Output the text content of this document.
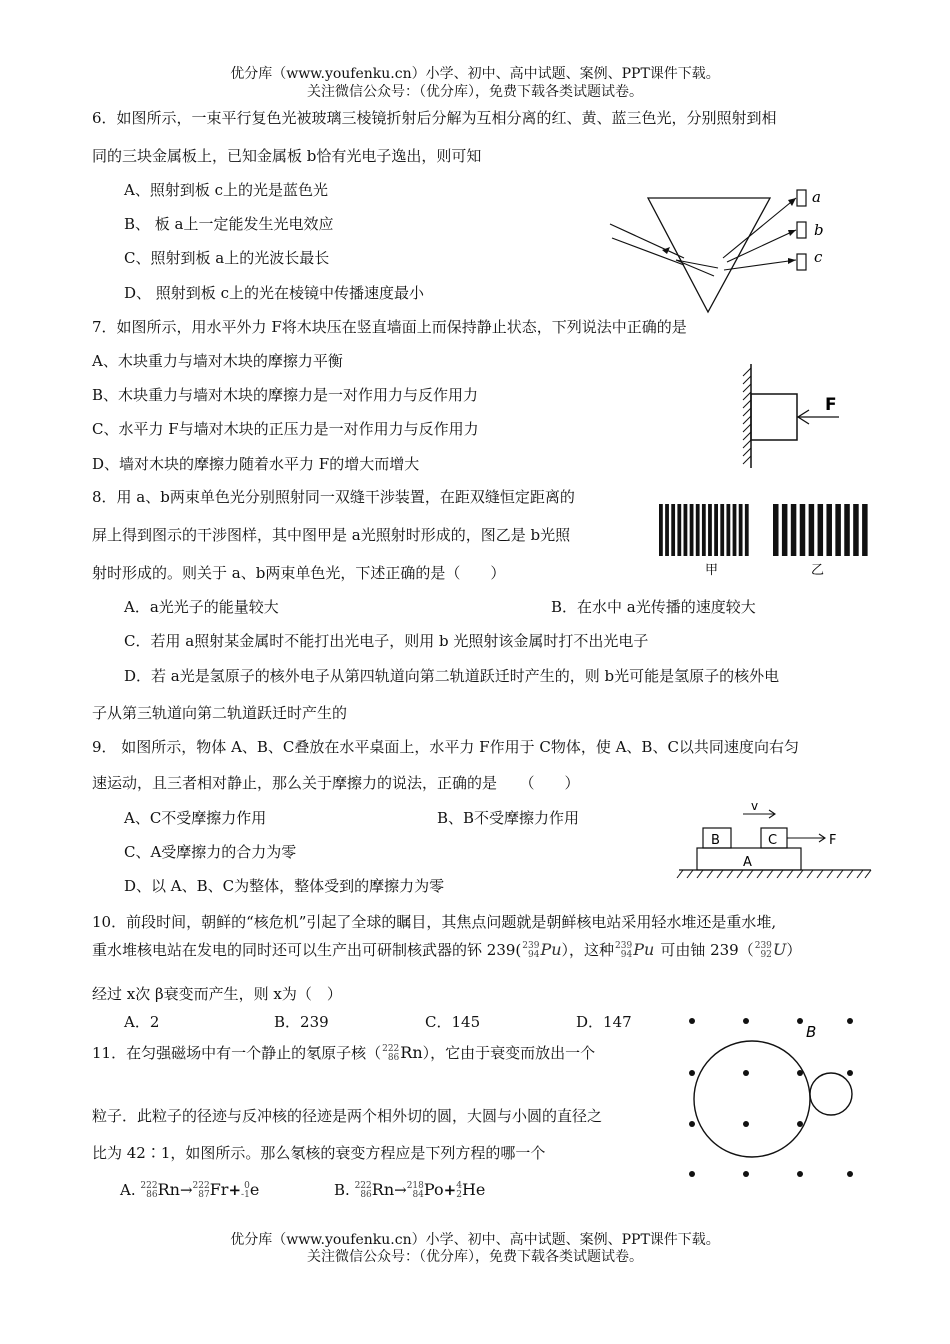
优分库（www.youfenku.cn）小学、初中、高中试题、案例、PPT课件下载。
关注微信公众号：（优分库），免费下载各类试题试卷。
6．如图所示，一束平行复色光被玻璃三棱镜折射后分解为互相分离的红、黄、蓝三色光，分别照射到相
同的三块金属板上，已知金属板 b恰有光电子逸出，则可知
A、照射到板 c上的光是蓝色光
B、 板 a上一定能发生光电效应
C、照射到板 a上的光波长最长
D、 照射到板 c上的光在棱镜中传播速度最小
a
b
c
7．如图所示，用水平外力 F将木块压在竖直墙面上而保持静止状态，下列说法中正确的是
A、木块重力与墙对木块的摩擦力平衡
B、木块重力与墙对木块的摩擦力是一对作用力与反作用力
C、水平力 F与墙对木块的正压力是一对作用力与反作用力
D、墙对木块的摩擦力随着水平力 F的增大而增大
F
8．用 a、b两束单色光分别照射同一双缝干涉装置，在距双缝恒定距离的
屏上得到图示的干涉图样，其中图甲是 a光照射时形成的，图乙是 b光照
射时形成的。则关于 a、b两束单色光，下述正确的是（　　）	甲	乙
A．a光光子的能量较大	B．在水中 a光传播的速度较大
C．若用 a照射某金属时不能打出光电子，则用 b 光照射该金属时打不出光电子
D．若 a光是氢原子的核外电子从第四轨道向第二轨道跃迁时产生的，则 b光可能是氢原子的核外电
子从第三轨道向第二轨道跃迁时产生的
9． 如图所示，物体 A、B、C叠放在水平桌面上，水平力 F作用于 C物体，使 A、B、C以共同速度向右匀
速运动，且三者相对静止，那么关于摩擦力的说法，正确的是　　（　　）
A、C不受摩擦力作用	B、B不受摩擦力作用
C、A受摩擦力的合力为零
D、以 A、B、C为整体，整体受到的摩擦力为零
v
B	C	F
A
10．前段时间，朝鲜的“核危机”引起了全球的瞩目，其焦点问题就是朝鲜核电站采用轻水堆还是重水堆,
重水堆核电站在发电的同时还可以生产出可研制核武器的钚 239( 239
94 Pu），这种 239
94 Pu 可由铀 239（ 239
92 U）
经过 x次 β衰变而产生，则 x为（　）
A．2	B．239	C．145	D．147
11．在匀强磁场中有一个静止的氡原子核（ 222
86 Rn），它由于衰变而放出一个
粒子．此粒子的径迹与反冲核的径迹是两个相外切的圆，大圆与小圆的直径之
比为 42∶1，如图所示。那么氡核的衰变方程应是下列方程的哪一个
A. 222
86 Rn→ 222
87 Fr+ 0
-1 e	B. 222
86 Rn→ 218
84 Po+ 4
2 He
B
优分库（www.youfenku.cn）小学、初中、高中试题、案例、PPT课件下载。
关注微信公众号：（优分库），免费下载各类试题试卷。
